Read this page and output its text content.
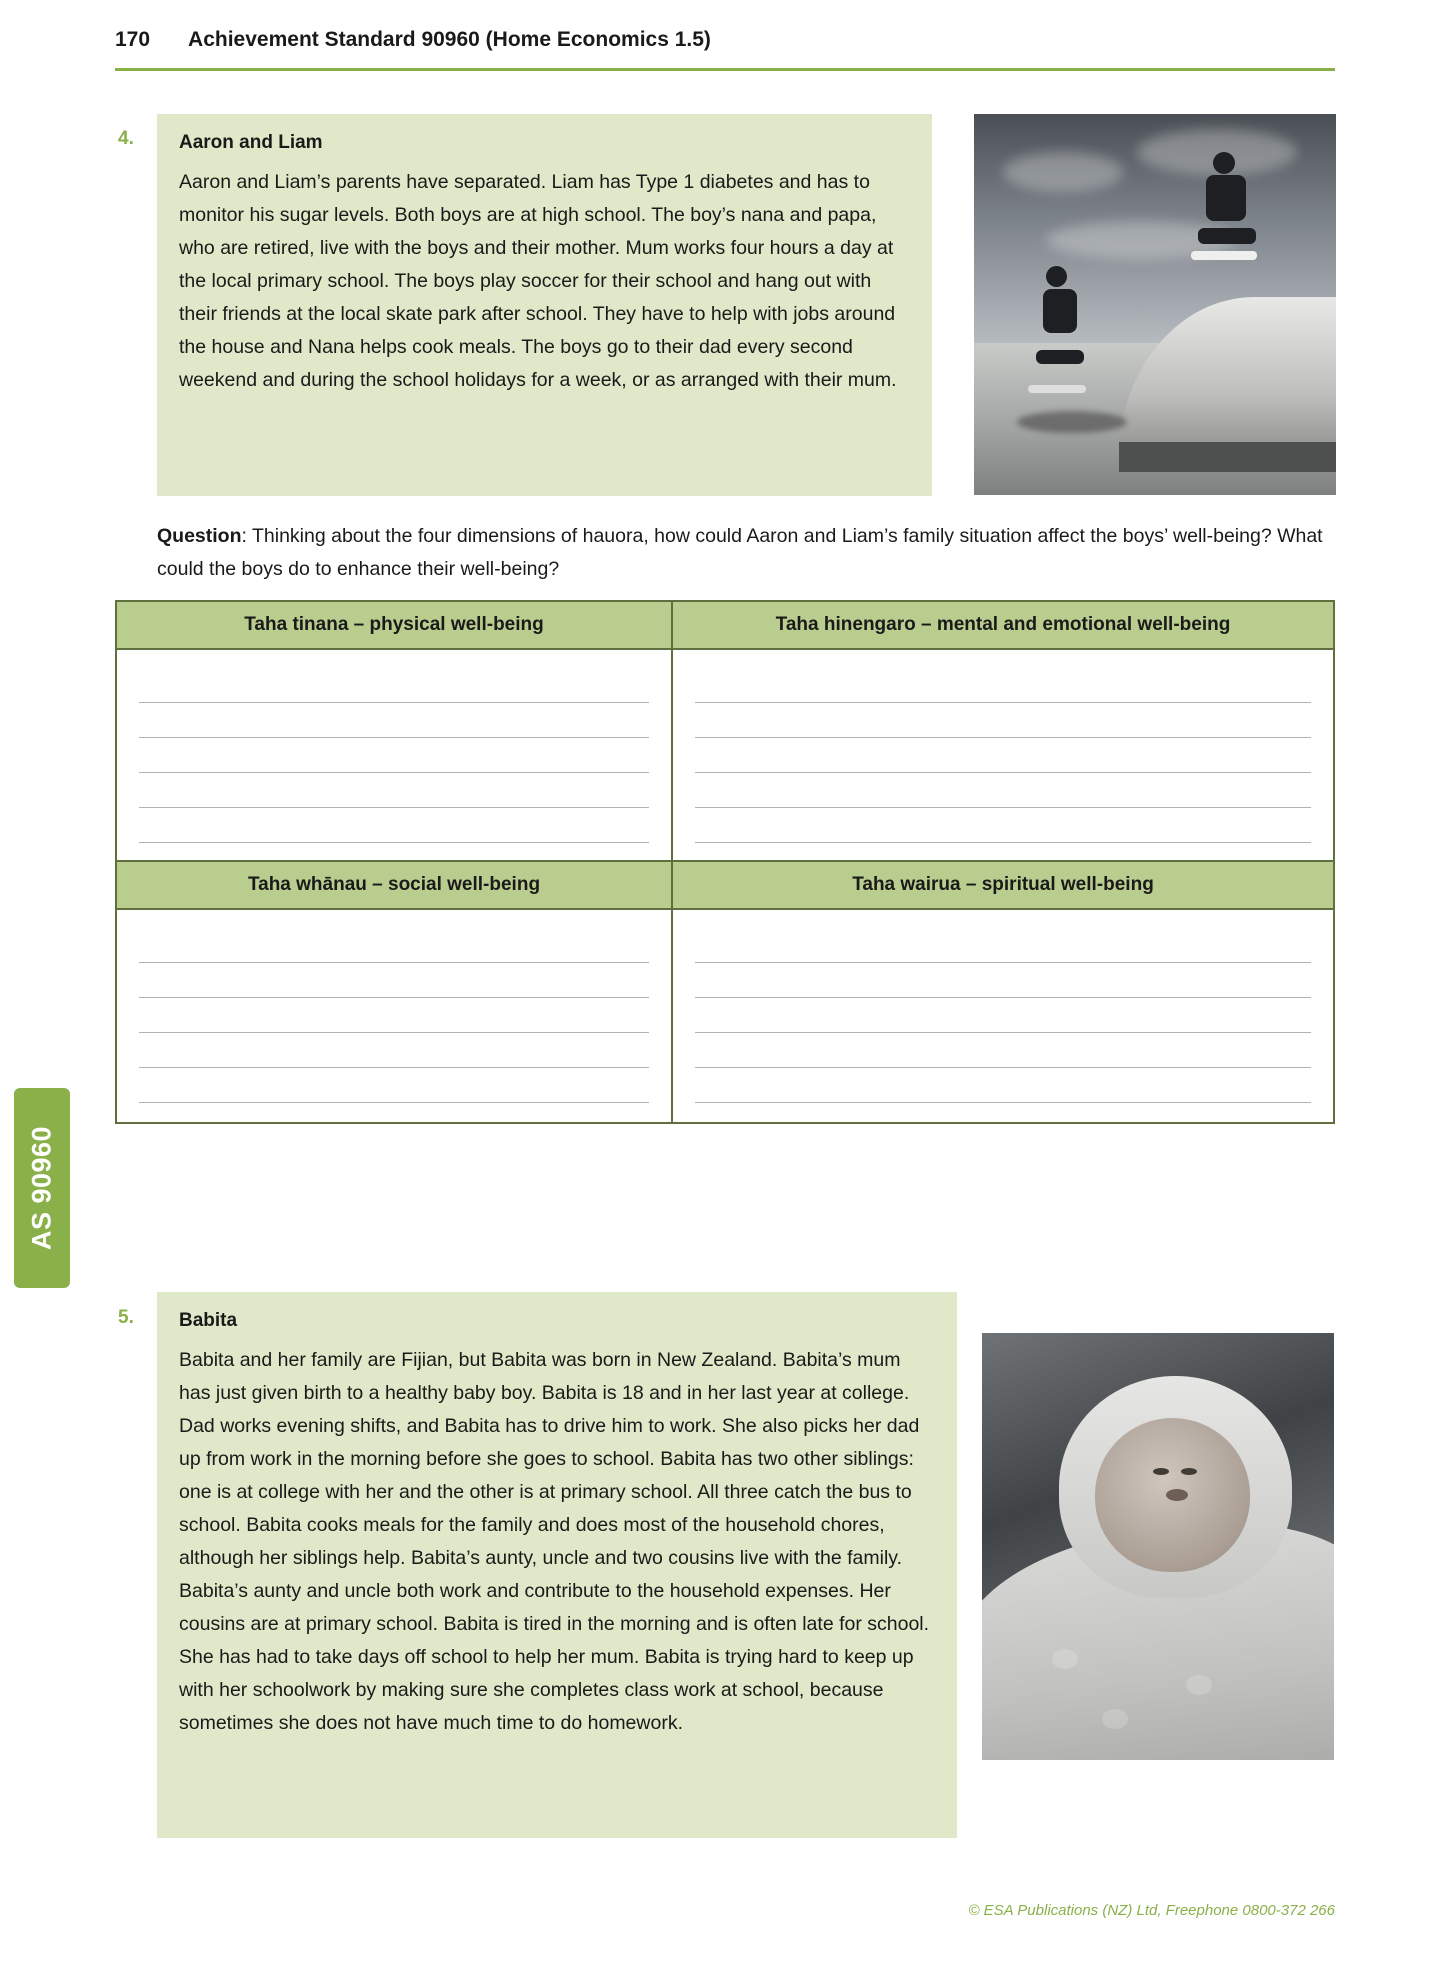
170 Achievement Standard 90960 (Home Economics 1.5)
AS 90960
4. Aaron and Liam

Aaron and Liam’s parents have separated. Liam has Type 1 diabetes and has to monitor his sugar levels. Both boys are at high school. The boy’s nana and papa, who are retired, live with the boys and their mother. Mum works four hours a day at the local primary school. The boys play soccer for their school and hang out with their friends at the local skate park after school. They have to help with jobs around the house and Nana helps cook meals. The boys go to their dad every second weekend and during the school holidays for a week, or as arranged with their mum.

Question: Thinking about the four dimensions of hauora, how could Aaron and Liam’s family situation affect the boys’ well-being? What could the boys do to enhance their well-being?
Taha tinana – physical well-being	Taha hinengaro – mental and emotional well-being
Taha whānau – social well-being	Taha wairua – spiritual well-being
5. Babita

Babita and her family are Fijian, but Babita was born in New Zealand. Babita’s mum has just given birth to a healthy baby boy. Babita is 18 and in her last year at college. Dad works evening shifts, and Babita has to drive him to work. She also picks her dad up from work in the morning before she goes to school. Babita has two other siblings: one is at college with her and the other is at primary school. All three catch the bus to school. Babita cooks meals for the family and does most of the household chores, although her siblings help. Babita’s aunty, uncle and two cousins live with the family. Babita’s aunty and uncle both work and contribute to the household expenses. Her cousins are at primary school. Babita is tired in the morning and is often late for school. She has had to take days off school to help her mum. Babita is trying hard to keep up with her schoolwork by making sure she completes class work at school, because sometimes she does not have much time to do homework.

© ESA Publications (NZ) Ltd, Freephone 0800-372 266
